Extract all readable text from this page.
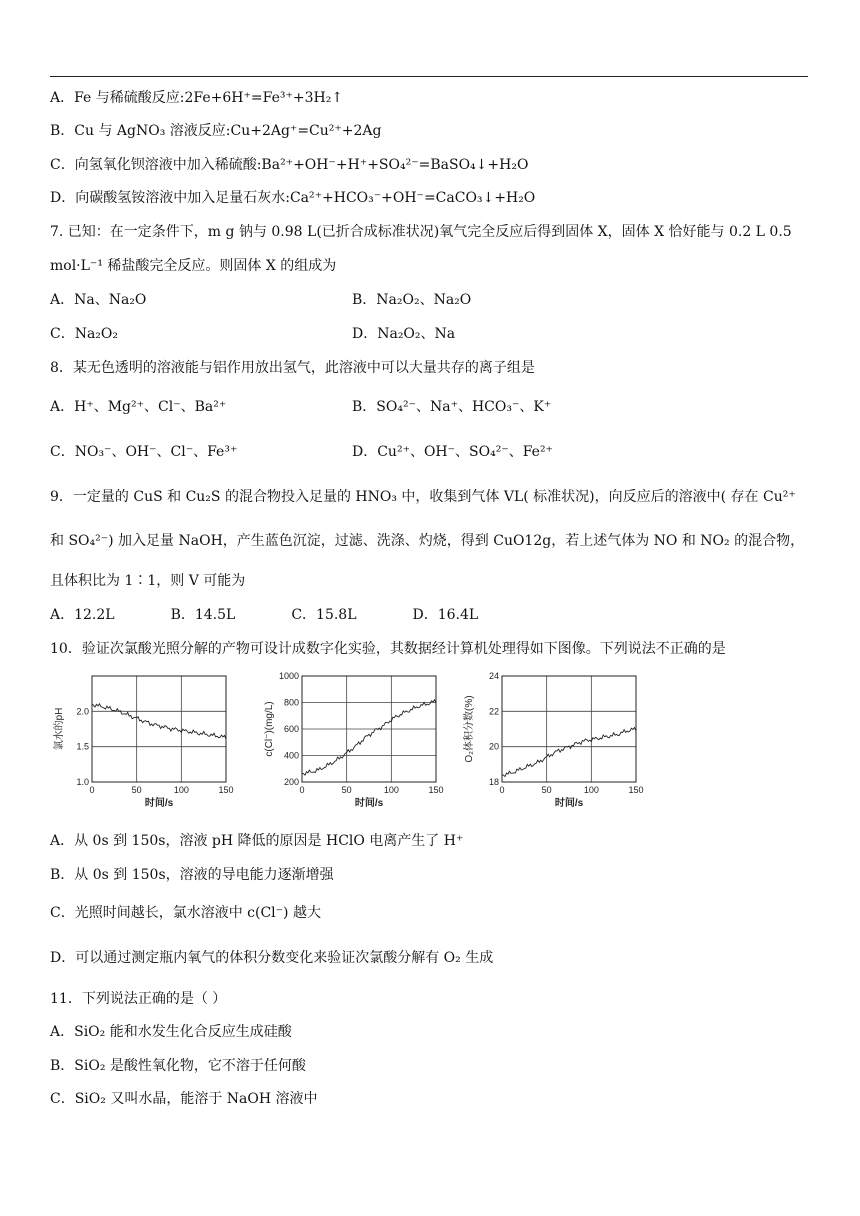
A．Fe 与稀硫酸反应:2Fe+6H⁺=Fe³⁺+3H₂↑
B．Cu 与 AgNO₃ 溶液反应:Cu+2Ag⁺=Cu²⁺+2Ag
C．向氢氧化钡溶液中加入稀硫酸:Ba²⁺+OH⁻+H⁺+SO₄²⁻=BaSO₄↓+H₂O
D．向碳酸氢铵溶液中加入足量石灰水:Ca²⁺+HCO₃⁻+OH⁻=CaCO₃↓+H₂O
7. 已知：在一定条件下，m g 钠与 0.98 L(已折合成标准状况)氧气完全反应后得到固体 X，固体 X 恰好能与 0.2 L 0.5
mol·L⁻¹ 稀盐酸完全反应。则固体 X 的组成为
A．Na、Na₂O	B．Na₂O₂、Na₂O
C．Na₂O₂	D．Na₂O₂、Na
8．某无色透明的溶液能与铝作用放出氢气，此溶液中可以大量共存的离子组是
A．H⁺、Mg²⁺、Cl⁻、Ba²⁺	B．SO₄²⁻、Na⁺、HCO₃⁻、K⁺
C．NO₃⁻、OH⁻、Cl⁻、Fe³⁺	D．Cu²⁺、OH⁻、SO₄²⁻、Fe²⁺
9．一定量的 CuS 和 Cu₂S 的混合物投入足量的 HNO₃ 中，收集到气体 VL( 标准状况)，向反应后的溶液中( 存在 Cu²⁺
和 SO₄²⁻) 加入足量 NaOH，产生蓝色沉淀，过滤、洗涤、灼烧，得到 CuO12g，若上述气体为 NO 和 NO₂ 的混合物，
且体积比为 1∶1，则 V 可能为
A．12.2L　　　　B．14.5L　　　　C．15.8L　　　　D．16.4L
10．验证次氯酸光照分解的产物可设计成数字化实验，其数据经计算机处理得如下图像。下列说法不正确的是
0	50	100	150
1.0
1.5
2.0
时间/s
氯水的pH
0	50	100	150
200
400
600
800
1000
时间/s
c(Cl⁻)(mg/L)
0	50	100	150
18
20
22
24
时间/s
O₂体积分数(%)
A．从 0s 到 150s，溶液 pH 降低的原因是 HClO 电离产生了 H⁺
B．从 0s 到 150s，溶液的导电能力逐渐增强
C．光照时间越长，氯水溶液中 c(Cl⁻) 越大
D．可以通过测定瓶内氧气的体积分数变化来验证次氯酸分解有 O₂ 生成
11．下列说法正确的是（ ）
A．SiO₂ 能和水发生化合反应生成硅酸
B．SiO₂ 是酸性氧化物，它不溶于任何酸
C．SiO₂ 又叫水晶，能溶于 NaOH 溶液中
